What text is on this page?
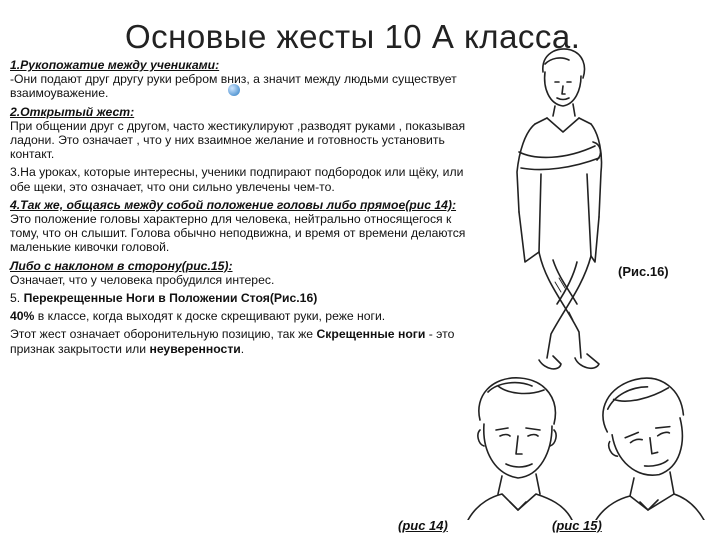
Основые жесты 10 А класса.

1.Рукопожатие между учениками:
-Они подают друг другу руки ребром вниз, а значит между людьми существует взаимоуважение.

2.Открытый жест:
При общении друг с другом, часто жестикулируют ,разводят руками , показывая ладони. Это означает , что у них взаимное желание и готовность установить контакт.

3.На уроках, которые интересны, ученики подпирают подбородок или щёку, или обе щеки, это означает, что они сильно увлечены чем-то.

4.Так же, общаясь между собой положение головы либо прямое(рис 14):
Это положение головы характерно для человека, нейтрально относящегося к тому, что он слышит. Голова обычно неподвижна, и время от времени делаются маленькие кивочки головой.

Либо с наклоном в сторону(рис.15):
Означает, что у человека пробудился интерес.

5. Перекрещенные Ноги в Положении Стоя(Рис.16)

40% в классе, когда выходят к доске скрещивают руки, реже ноги.

Этот жест означает оборонительную позицию, так же Скрещенные ноги - это признак закрытости или неуверенности.

(Рис.16)
(рис 14)	(рис 15)
